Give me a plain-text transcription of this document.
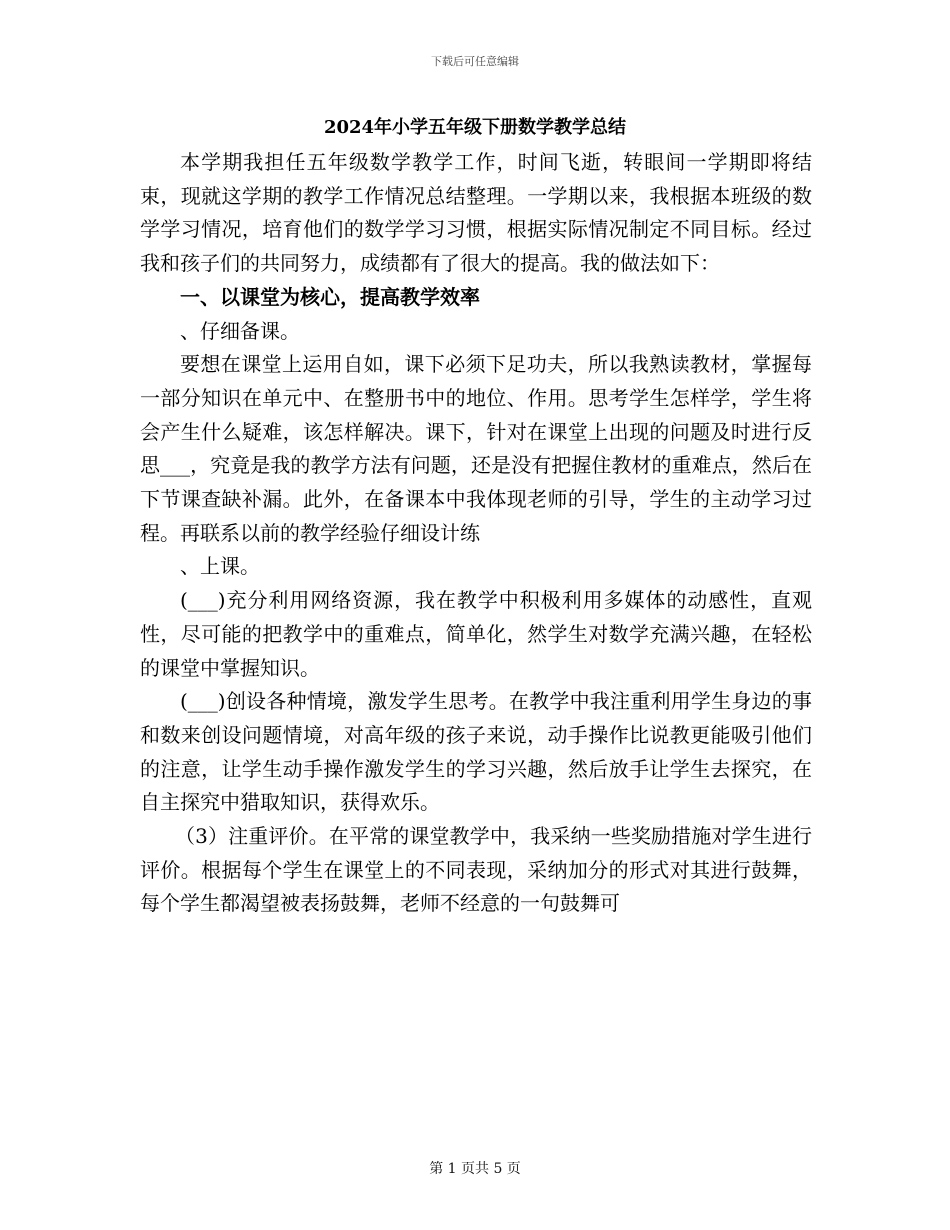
下载后可任意编辑
2024年小学五年级下册数学教学总结

本学期我担任五年级数学教学工作，时间飞逝，转眼间一学期即将结束，现就这学期的教学工作情况总结整理。一学期以来，我根据本班级的数学学习情况，培育他们的数学学习习惯，根据实际情况制定不同目标。经过我和孩子们的共同努力，成绩都有了很大的提高。我的做法如下：

一、以课堂为核心，提高教学效率

、仔细备课。

要想在课堂上运用自如，课下必须下足功夫，所以我熟读教材，掌握每一部分知识在单元中、在整册书中的地位、作用。思考学生怎样学，学生将会产生什么疑难，该怎样解决。课下，针对在课堂上出现的问题及时进行反思___，究竟是我的教学方法有问题，还是没有把握住教材的重难点，然后在下节课查缺补漏。此外，在备课本中我体现老师的引导，学生的主动学习过程。再联系以前的教学经验仔细设计练

、上课。

(___)充分利用网络资源，我在教学中积极利用多媒体的动感性，直观性，尽可能的把教学中的重难点，简单化，然学生对数学充满兴趣，在轻松的课堂中掌握知识。

(___)创设各种情境，激发学生思考。在教学中我注重利用学生身边的事和数来创设问题情境，对高年级的孩子来说，动手操作比说教更能吸引他们的注意，让学生动手操作激发学生的学习兴趣，然后放手让学生去探究，在自主探究中猎取知识，获得欢乐。

（3）注重评价。在平常的课堂教学中，我采纳一些奖励措施对学生进行评价。根据每个学生在课堂上的不同表现，采纳加分的形式对其进行鼓舞，每个学生都渴望被表扬鼓舞，老师不经意的一句鼓舞可

第 1 页共 5 页
